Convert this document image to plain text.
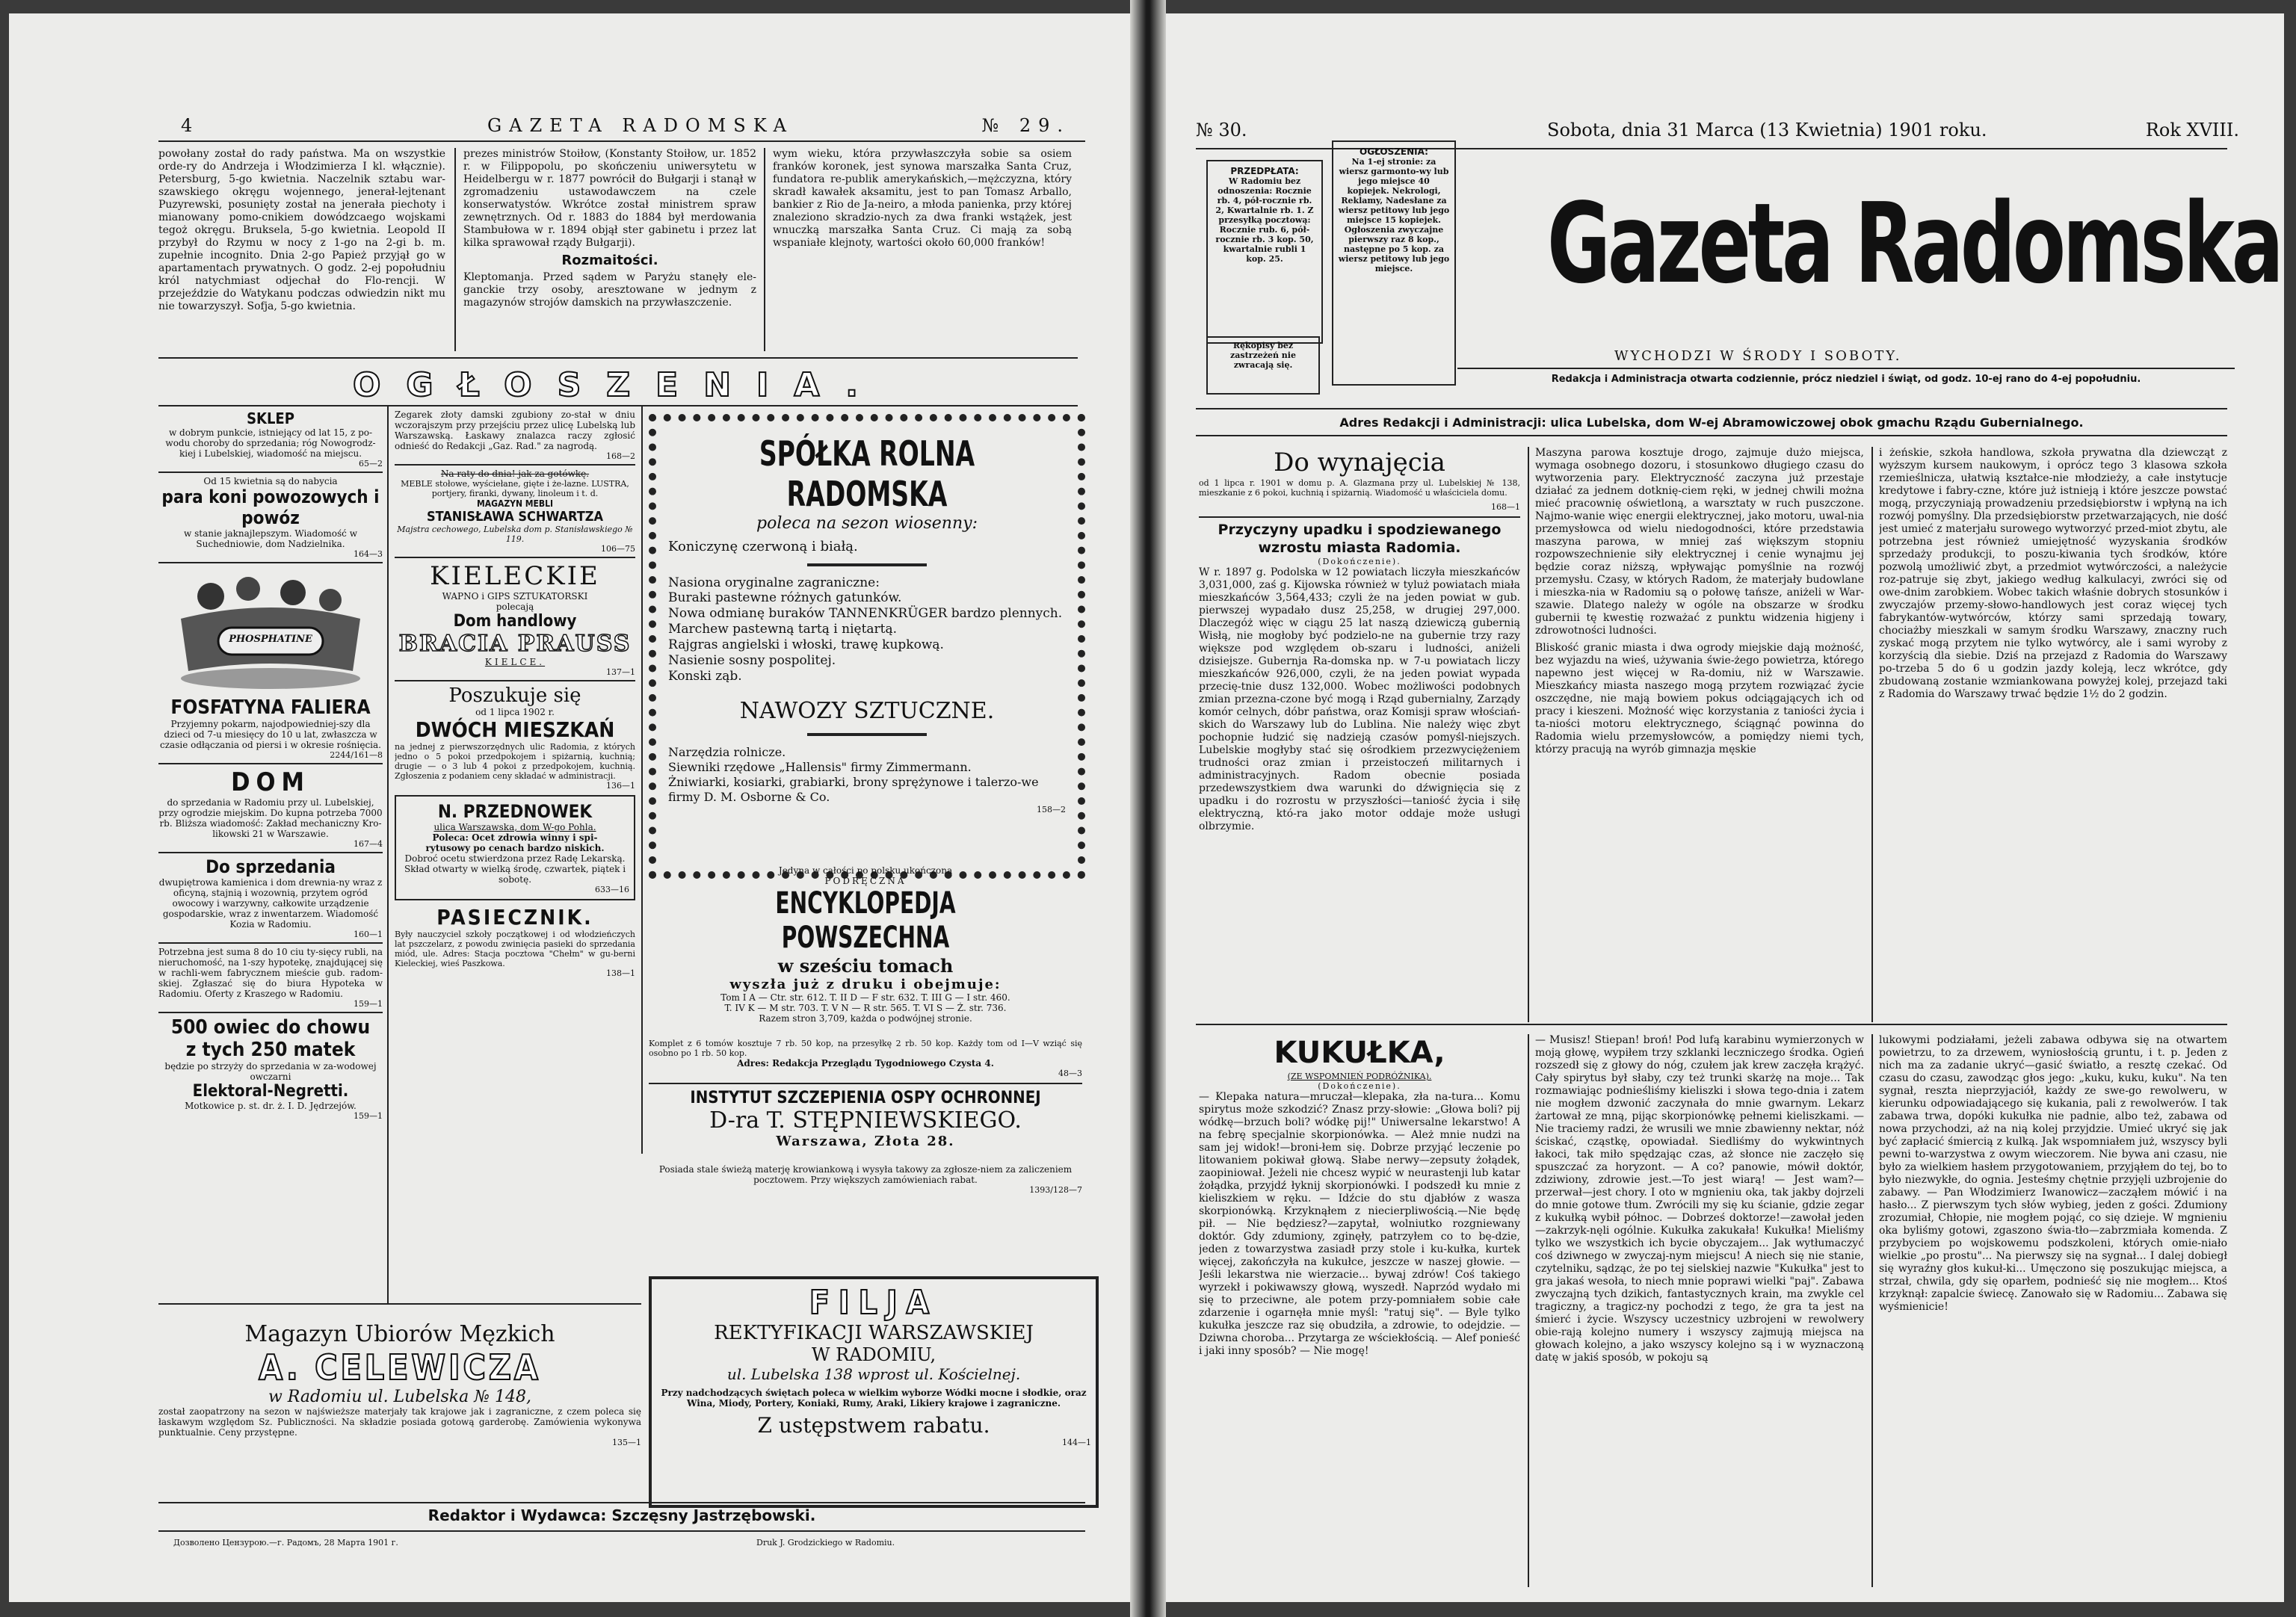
4	GAZETA RADOMSKA	№ 29.

powołany został do rady państwa. Ma on wszystkie orde-ry do Andrzeja i Włodzimierza I kl. włącznie). Petersburg, 5-go kwietnia. Naczelnik sztabu war-szawskiego okręgu wojennego, jenerał-lejtenant Puzyrewski, posunięty został na jenerała piechoty i mianowany pomo-cnikiem dowódzcaego wojskami tegoż okręgu. Bruksela, 5-go kwietnia. Leopold II przybył do Rzymu w nocy z 1-go na 2-gi b. m. zupełnie incognito. Dnia 2-go Papież przyjął go w apartamentach prywatnych. O godz. 2-ej popołudniu król natychmiast odjechał do Flo-rencji. W przejeździe do Watykanu podczas odwiedzin nikt mu nie towarzyszył. Sofja, 5-go kwietnia.

prezes ministrów Stoiłow, (Konstanty Stoiłow, ur. 1852 r. w Filippopolu, po skończeniu uniwersytetu w Heidelbergu w r. 1877 powrócił do Bułgarji i stanął w zgromadzeniu ustawodawczem na czele konserwatystów. Wkrótce został ministrem spraw zewnętrznych. Od r. 1883 do 1884 był merdowania Stambułowa w r. 1894 objął ster gabinetu i przez lat kilka sprawował rządy Bułgarji).

Rozmaitości.

Kleptomanja. Przed sądem w Paryżu stanęły ele-ganckie trzy osoby, aresztowane w jednym z magazynów strojów damskich na przywłaszczenie.

wym wieku, która przywłaszczyła sobie sa osiem franków koronek, jest synowa marszałka Santa Cruz, fundatora re-publik amerykańskich,—mężczyzna, który skradł kawałek aksamitu, jest to pan Tomasz Arballo, bankier z Rio de Ja-neiro, a młoda panienka, przy której znaleziono skradzio-nych za dwa franki wstążek, jest wnuczką marszałka Santa Cruz. Ci mają za sobą wspaniałe klejnoty, wartości około 60,000 franków!

OGŁOSZENIA.
SKLEP
w dobrym punkcie, istniejący od lat 15, z po-wodu choroby do sprzedania; róg Nowogrodz-kiej i Lubelskiej, wiadomość na miejscu.
65—2
Od 15 kwietnia są do nabycia
para koni powozowych i powóz
w stanie jaknajlepszym. Wiadomość w Suchedniowie, dom Nadzielnika.
164—3
PHOSPHATINE
FOSFATYNA FALIERA
Przyjemny pokarm, najodpowiedniej-szy dla dzieci od 7-u miesięcy do 10 u lat, zwłaszcza w czasie odłączania od piersi i w okresie rośnięcia.
2244/161—8
DOM
do sprzedania w Radomiu przy ul. Lubelskiej, przy ogrodzie miejskim. Do kupna potrzeba 7000 rb. Bliższa wiadomość: Zakład mechaniczny Kro-likowski 21 w Warszawie.
167—4
Do sprzedania
dwupiętrowa kamienica i dom drewnia-ny wraz z oficyną, stajnią i wozownią, przytem ogród owocowy i warzywny, całkowite urządzenie gospodarskie, wraz z inwentarzem. Wiadomość Kozia w Radomiu.
160—1
Potrzebna jest suma 8 do 10 ciu ty-sięcy rubli, na nieruchomość, na 1-szy hypotekę, znajdującej się w rachli-wem fabrycznem mieście gub. radom-skiej. Zgłaszać się do biura Hypoteka w Radomiu. Oferty z Kraszego w Radomiu.
159—1
500 owiec do chowu
z tych 250 matek
będzie po strzyży do sprzedania w za-wodowej owczarni
Elektoral-Negretti.
Motkowice p. st. dr. ż. I. D. Jędrzejów.
159—1
Zegarek złoty damski zgubiony zo-stał w dniu wczorajszym przy przejściu przez ulicę Lubelską lub Warszawską. Łaskawy znalazca raczy zgłosić odnieść do Redakcji „Gaz. Rad." za nagrodą.
168—2
Na raty do dnia! jak za gotówkę.
MEBLE stołowe, wyściełane, gięte i że-lazne. LUSTRA, portjery, firanki, dywany, linoleum i t. d.
MAGAZYN MEBLI
STANISŁAWA SCHWARTZA
Majstra cechowego, Lubelska dom p. Stanisławskiego № 119.
106—75
KIELECKIE
WAPNO i GIPS SZTUKATORSKI
polecają
Dom handlowy
BRACIA PRAUSS
KIELCE.
137—1
Poszukuje się
od 1 lipca 1902 r.
DWÓCH MIESZKAŃ
na jednej z pierwszorzędnych ulic Radomia, z których jedno o 5 pokoi przedpokojem i spiżarnią, kuchnią; drugie — o 3 lub 4 pokoi z przedpokojem, kuchnią. Zgłoszenia z podaniem ceny składać w administracji.
136—1
N. PRZEDNOWEK
ulica Warszawska, dom W-go Pohla.
Poleca: Ocet zdrowia winny i spi-
rytusowy po cenach bardzo niskich.
Dobroć ocetu stwierdzona przez Radę Lekarską. Skład otwarty w wielką środę, czwartek, piątek i sobotę.
633—16
PASIECZNIK.
Były nauczyciel szkoły początkowej i od włodzieńczych lat pszczelarz, z powodu zwinięcia pasieki do sprzedania miód, ule. Adres: Stacja pocztowa "Chełm" w gu-berni Kieleckiej, wieś Paszkowa.
138—1
SPÓŁKA ROLNA RADOMSKA
poleca na sezon wiosenny:
Koniczynę czerwoną i białą.
Nasiona oryginalne zagraniczne:
Buraki pastewne różnych gatunków.
Nowa odmianę buraków TANNENKRÜGER bardzo plennych.
Marchew pastewną tartą i niętartą.
Rajgras angielski i włoski, trawę kupkową.
Nasienie sosny pospolitej.
Konski ząb.
NAWOZY SZTUCZNE.
Narzędzia rolnicze.
Siewniki rzędowe „Hallensis" firmy Zimmermann.
Żniwiarki, kosiarki, grabiarki, brony sprężynowe i talerzo-we firmy D. M. Osborne & Co.
158—2
Jedyna w całości po polsku ukończona
PODRĘCZNA
ENCYKLOPEDJA POWSZECHNA
w sześciu tomach
wyszła już z druku i obejmuje:
Tom I A — Ctr. str. 612. T. II D — F str. 632. T. III G — I str. 460.
T. IV K — M str. 703. T. V N — R str. 565. T. VI S — Ż. str. 736.
Razem stron 3,709, każda o podwójnej stronie.
Komplet z 6 tomów kosztuje 7 rb. 50 kop, na przesyłkę 2 rb. 50 kop. Każdy tom od I—V wziąć się osobno po 1 rb. 50 kop.
Adres: Redakcja Przeglądu Tygodniowego Czysta 4.
48—3
INSTYTUT SZCZEPIENIA OSPY OCHRONNEJ
D-ra T. STĘPNIEWSKIEGO.
Warszawa, Złota 28.
Posiada stale świeżą materję krowiankową i wysyła takowy za zgłosze-niem za zaliczeniem pocztowem. Przy większych zamówieniach rabat.
1393/128—7
FILJA
REKTYFIKACJI WARSZAWSKIEJ
W RADOMIU,
ul. Lubelska 138 wprost ul. Kościelnej.
Przy nadchodzących świętach poleca w wielkim wyborze Wódki mocne i słodkie, oraz Wina, Miody, Portery, Koniaki, Rumy, Araki, Likiery krajowe i zagraniczne.
Z ustępstwem rabatu.
144—1
Magazyn Ubiorów Męzkich
A. CELEWICZA
w Radomiu ul. Lubelska № 148,
został zaopatrzony na sezon w najświeższe materjały tak krajowe jak i zagraniczne, z czem poleca się łaskawym względom Sz. Publiczności. Na składzie posiada gotową garderobę. Zamówienia wykonywa punktualnie. Ceny przystępne.
135—1
Redaktor i Wydawca: Szczęsny Jastrzębowski.
Дозволено Цензурою.—г. Радомъ, 28 Марта 1901 г.	Druk J. Grodzickiego w Radomiu.
№ 30.	Sobota, dnia 31 Marca (13 Kwietnia) 1901 roku.	Rok XVIII.
PRZEDPŁATA:
W Radomiu bez odnoszenia: Rocznie rb. 4, pół-rocznie rb. 2, Kwartalnie rb. 1. Z przesyłką pocztową: Rocznie rub. 6, pół-rocznie rb. 3 kop. 50, kwartalnie rubli 1 kop. 25.
Rękopisy bez zastrzeżeń nie zwracają się.
OGŁOSZENIA:
Na 1-ej stronie: za wiersz garmonto-wy lub jego miejsce 40 kopiejek. Nekrologi, Reklamy, Nadesłane za wiersz petitowy lub jego miejsce 15 kopiejek. Ogłoszenia zwyczajne pierwszy raz 8 kop., następne po 5 kop. za wiersz petitowy lub jego miejsce.	Gazeta Radomska
WYCHODZI W ŚRODY I SOBOTY.
Redakcja i Administracja otwarta codziennie, prócz niedziel i świąt, od godz. 10-ej rano do 4-ej popołudniu.
Adres Redakcji i Administracji: ulica Lubelska, dom W-ej Abramowiczowej obok gmachu Rządu Gubernialnego.
Do wynajęcia

od 1 lipca r. 1901 w domu p. A. Glazmana przy ul. Lubelskiej № 138, mieszkanie z 6 pokoi, kuchnią i spiżarnią. Wiadomość u właściciela domu.

168—1

Przyczyny upadku i spodziewanego wzrostu miasta Radomia.
(Dokończenie).

W r. 1897 g. Podolska w 12 powiatach liczyła mieszkańców 3,031,000, zaś g. Kijowska również w tyluż powiatach miała mieszkańców 3,564,433; czyli że na jeden powiat w gub. pierwszej wypadało dusz 25,258, w drugiej 297,000. Dlaczegóż więc w ciągu 25 lat naszą dziewiczą gubernią Wisłą, nie mogłoby być podzielo-ne na gubernie trzy razy większe pod względem ob-szaru i ludności, aniżeli dzisiejsze. Gubernja Ra-domska np. w 7-u powiatach liczy mieszkańców 926,000, czyli, że na jeden powiat wypada przecię-tnie dusz 132,000. Wobec możliwości podobnych zmian przezna-czone być mogą i Rząd gubernialny, Zarządy komór celnych, dóbr państwa, oraz Komisji spraw włościań-skich do Warszawy lub do Lublina. Nie należy więc zbyt pochopnie łudzić się nadzieją czasów pomyśl-niejszych. Lubelskie mogłyby stać się ośrodkiem przezwyciężeniem trudności oraz zmian i przeistoczeń militarnych i administracyjnych. Radom obecnie posiada przedewszystkiem dwa warunki do dźwignięcia się z upadku i do rozrostu w przyszłości—taniość życia i siłę elektryczną, któ-ra jako motor oddaje może usługi olbrzymie.

Maszyna parowa kosztuje drogo, zajmuje dużo miejsca, wymaga osobnego dozoru, i stosunkowo długiego czasu do wytworzenia pary. Elektryczność zaczyna już przestaje działać za jednem dotknię-ciem ręki, w jednej chwili można mieć pracownię oświetloną, a warsztaty w ruch puszczone. Najmo-wanie więc energii elektrycznej, jako motoru, uwal-nia przemysłowca od wielu niedogodności, które przedstawia maszyna parowa, w mniej zaś większym stopniu rozpowszechnienie siły elektrycznej i cenie wynajmu jej będzie coraz niższą, wpływając pomyślnie na rozwój przemysłu. Czasy, w których Radom, że materjały budowlane i mieszka-nia w Radomiu są o połowę tańsze, aniżeli w War-szawie. Dlatego należy w ogóle na obszarze w środku gubernii tę kwestię rozważać z punktu widzenia higjeny i zdrowotności ludności.

Bliskość granic miasta i dwa ogrody miejskie dają możność, bez wyjazdu na wieś, używania świe-żego powietrza, którego napewno jest więcej w Ra-domiu, niż w Warszawie. Mieszkańcy miasta naszego mogą przytem rozwiązać życie oszczędne, nie mają bowiem pokus odciągających ich od pracy i kieszeni. Możność więc korzystania z taniości życia i ta-niości motoru elektrycznego, ściągnąć powinna do Radomia wielu przemysłowców, a pomiędzy niemi tych, którzy pracują na wyrób gimnazja męskie

i żeńskie, szkoła handlowa, szkoła prywatna dla dziewcząt z wyższym kursem naukowym, i oprócz tego 3 klasowa szkoła rzemieślnicza, ułatwią kształce-nie młodzieży, a całe instytucje kredytowe i fabry-czne, które już istnieją i które jeszcze powstać mogą, przyczyniają prowadzeniu przedsiębiorstw i wpłyną na ich rozwój pomyślny. Dla przedsiębiorstw przetwarzających, nie dość jest umieć z materjału surowego wytworzyć przed-miot zbytu, ale potrzebna jest również umiejętność wyzyskania środków sprzedaży produkcji, to poszu-kiwania tych środków, które pozwolą umożliwić zbyt, a przedmiot wytwórczości, a należycie roz-patruje się zbyt, jakiego według kalkulacyi, zwróci się od owe-dnim zarobkiem. Wobec takich właśnie dobrych stosunków i zwyczajów przemy-słowo-handlowych jest coraz więcej tych fabrykantów-wytwórców, którzy sami sprzedają towary, chociażby mieszkali w samym środku Warszawy, znaczny ruch zyskać mogą przytem nie tylko wytwórcy, ale i sami wyroby z korzyścią dla siebie. Dziś na przejazd z Radomia do Warszawy po-trzeba 5 do 6 u godzin jazdy koleją, lecz wkrótce, gdy zbudowaną zostanie wzmiankowana powyżej kolej, przejazd taki z Radomia do Warszawy trwać będzie 1½ do 2 godzin.

KUKUŁKA,
(ZE WSPOMNIEŃ PODRÓŻNIKA).
(Dokończenie).

— Klepaka natura—mruczał—klepaka, zła na-tura... Komu spirytus może szkodzić? Znasz przy-słowie: „Głowa boli? pij wódkę—brzuch boli? wódkę pij!" Uniwersalne lekarstwo! A na febrę specjalnie skorpionówka. — Ależ mnie nudzi na sam jej widok!—broni-łem się. Dobrze przyjąć leczenie po litowaniem pokiwał głową. Słabe nerwy—zepsuty żołądek, zaopiniował. Jeżeli nie chcesz wypić w neurastenji lub katar żołądka, przyjdź łyknij skorpionówki. I podszedł ku mnie z kieliszkiem w ręku. — Idźcie do stu djabłów z wasza skorpionówką. Krzyknąłem z niecierpliwością.—Nie będę pił. — Nie będziesz?—zapytał, wolniutko rozgniewany doktór. Gdy zdumiony, zginęły, patrzyłem co to bę-dzie, jeden z towarzystwa zasiadł przy stole i ku-kułka, kurtek więcej, zakończyła na kukułce, jeszcze w naszej głowie. — Jeśli lekarstwa nie wierzacie... bywaj zdrów! Coś takiego wyrzekł i pokiwawszy głową, wyszedł. Naprzód wydało mi się to przeciwne, ale potem przy-pomniałem sobie całe zdarzenie i ogarnęła mnie myśl: "ratuj się". — Byle tylko kukułka jeszcze raz się obudziła, a zdrowie, to odejdzie. — Dziwna choroba... Przytarga ze wściekłością. — Alef ponieść i jaki inny sposób? — Nie mogę!

— Musisz! Stiepan! broń! Pod lufą karabinu wymierzonych w moją głowę, wypiłem trzy szklanki leczniczego środka. Ogień rozszedł się z głowy do nóg, czułem jak krew zaczęła krążyć. Cały spirytus był słaby, czy też trunki skarżę na moje... Tak rozmawiając podnieśliśmy kieliszki i słowa tego-dnia i zatem nie mogłem dzwonić zaczynała do mnie gwarnym. Lekarz żartował ze mną, pijąc skorpionówkę pełnemi kieliszkami. — Nie traciemy radzi, że wrusili we mnie zbawienny nektar, nóż ściskać, cząstkę, opowiadał. Siedliśmy do wykwintnych łakoci, tak miło spędzając czas, aż słonce nie zaczęło się spuszczać za horyzont. — A co? panowie, mówił doktór, zdziwiony, zdrowie jest.—To jest wiarą! — Jest wam?—przerwał—jest chory. I oto w mgnieniu oka, tak jakby dojrzeli do mnie gotowe tłum. Zwrócili my się ku ścianie, gdzie zegar z kukułką wybił północ. — Dobrześ doktorze!—zawołał jeden—zakrzyk-nęli ogólnie. Kukułka zakukała! Kukułka! Mieliśmy tylko we wszystkich ich bycie obyczajem... Jak wytłumaczyć coś dziwnego w zwyczaj-nym miejscu! A niech się nie stanie, czytelniku, sądząc, że po tej sielskiej nazwie "Kukułka" jest to gra jakaś wesoła, to niech mnie poprawi wielki "paj". Zabawa zwyczajną tych dzikich, fantastycznych krain, ma zwykle cel tragiczny, a tragicz-ny pochodzi z tego, że gra ta jest na śmierć i życie. Wszyscy uczestnicy uzbrojeni w rewolwery obie-rają kolejno numery i wszyscy zajmują miejsca na głowach kolejno, a jako wszyscy kolejno są i w wyznaczoną datę w jakiś sposób, w pokoju są

lukowymi podziałami, jeżeli zabawa odbywa się na otwartem powietrzu, to za drzewem, wyniosłością gruntu, i t. p. Jeden z nich ma za zadanie ukryć—gasić światło, a resztę czekać. Od czasu do czasu, zawodząc głos jego: „kuku, kuku, kuku". Na ten sygnał, reszta nieprzyjaciół, każdy ze swe-go rewolweru, w kierunku odpowiadającego się kukania, pali z rewolwerów. I tak zabawa trwa, dopóki kukułka nie padnie, albo też, zabawa od nowa przychodzi, aż na nią kolej przyjdzie. Umieć ukryć się jak być zapłacić śmiercią z kulką. Jak wspomniałem już, wszyscy byli pewni to-warzystwa z owym wieczorem. Nie bywa ani czasu, nie było za wielkiem hasłem przygotowaniem, przyjąłem do tej, bo to było niezwykłe, do ognia. Jesteśmy chętnie przyjęli uzbrojenie do zabawy. — Pan Włodzimierz Iwanowicz—zacząłem mówić i na hasło... Z pierwszym tych słów wybieg, jeden z gości. Zdumiony zrozumiał, Chłopie, nie mogłem pojąć, co się dzieje. W mgnieniu oka byliśmy gotowi, zgaszono świa-tło—zabrzmiała komenda. Z przybyciem po wojskowemu podszkoleni, których omie-niało wielkie „po prostu"... Na pierwszy się na sygnał... I dalej dobiegł się wyraźny głos kukuł-ki... Umęczono się poszukując miejsca, a strzał, chwila, gdy się oparłem, podnieść się nie mogłem... Ktoś krzyknął: zapalcie świecę. Zanowało się w Radomiu... Zabawa się wyśmienicie!
